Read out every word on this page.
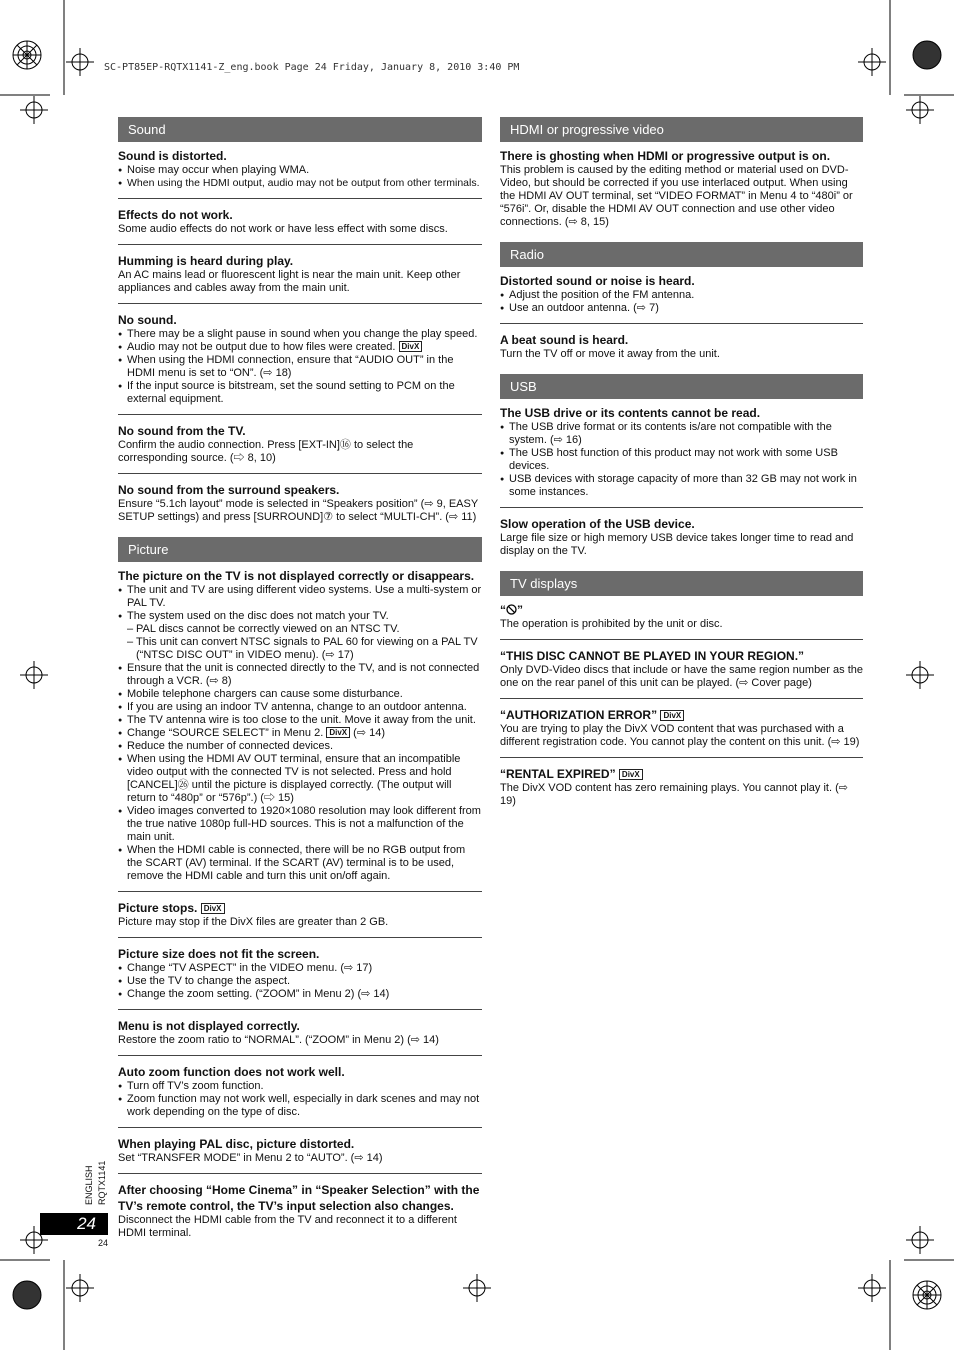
SC-PT85EP-RQTX1141-Z_eng.book Page 24 Friday, January 8, 2010 3:40 PM
Sound
Sound is distorted.
● Noise may occur when playing WMA.
● When using the HDMI output, audio may not be output from other terminals.
Effects do not work.
Some audio effects do not work or have less effect with some discs.
Humming is heard during play.
An AC mains lead or fluorescent light is near the main unit. Keep other appliances and cables away from the main unit.
No sound.
● There may be a slight pause in sound when you change the play speed.
● Audio may not be output due to how files were created. DivX
● When using the HDMI connection, ensure that “AUDIO OUT” in the HDMI menu is set to “ON”. (⇨ 18)
● If the input source is bitstream, set the sound setting to PCM on the external equipment.
No sound from the TV.
Confirm the audio connection. Press [EXT-IN]⑯ to select the corresponding source. (⇨ 8, 10)
No sound from the surround speakers.
Ensure “5.1ch layout” mode is selected in “Speakers position” (⇨ 9, EASY SETUP settings) and press [SURROUND]⑦ to select “MULTI-CH”. (⇨ 11)
Picture
The picture on the TV is not displayed correctly or disappears.
● The unit and TV are using different video systems. Use a multi-system or PAL TV.
● The system used on the disc does not match your TV.
– PAL discs cannot be correctly viewed on an NTSC TV.
– This unit can convert NTSC signals to PAL 60 for viewing on a PAL TV (“NTSC DISC OUT” in VIDEO menu). (⇨ 17)
● Ensure that the unit is connected directly to the TV, and is not connected through a VCR. (⇨ 8)
● Mobile telephone chargers can cause some disturbance.
● If you are using an indoor TV antenna, change to an outdoor antenna.
● The TV antenna wire is too close to the unit. Move it away from the unit.
● Change “SOURCE SELECT” in Menu 2. DivX (⇨ 14)
● Reduce the number of connected devices.
● When using the HDMI AV OUT terminal, ensure that an incompatible video output with the connected TV is not selected. Press and hold [CANCEL]㉖ until the picture is displayed correctly. (The output will return to “480p” or “576p”.) (⇨ 15)
● Video images converted to 1920×1080 resolution may look different from the true native 1080p full-HD sources. This is not a malfunction of the main unit.
● When the HDMI cable is connected, there will be no RGB output from the SCART (AV) terminal. If the SCART (AV) terminal is to be used, remove the HDMI cable and turn this unit on/off again.
Picture stops. DivX
Picture may stop if the DivX files are greater than 2 GB.
Picture size does not fit the screen.
● Change “TV ASPECT” in the VIDEO menu. (⇨ 17)
● Use the TV to change the aspect.
● Change the zoom setting. (“ZOOM” in Menu 2) (⇨ 14)
Menu is not displayed correctly.
Restore the zoom ratio to “NORMAL”. (“ZOOM” in Menu 2) (⇨ 14)
Auto zoom function does not work well.
● Turn off TV’s zoom function.
● Zoom function may not work well, especially in dark scenes and may not work depending on the type of disc.
When playing PAL disc, picture distorted.
Set “TRANSFER MODE” in Menu 2 to “AUTO”. (⇨ 14)
After choosing “Home Cinema” in “Speaker Selection” with the TV’s remote control, the TV’s input selection also changes.
Disconnect the HDMI cable from the TV and reconnect it to a different HDMI terminal.
HDMI or progressive video
There is ghosting when HDMI or progressive output is on.
This problem is caused by the editing method or material used on DVD-Video, but should be corrected if you use interlaced output. When using the HDMI AV OUT terminal, set “VIDEO FORMAT” in Menu 4 to “480i” or “576i”. Or, disable the HDMI AV OUT connection and use other video connections. (⇨ 8, 15)
Radio
Distorted sound or noise is heard.
● Adjust the position of the FM antenna.
● Use an outdoor antenna. (⇨ 7)
A beat sound is heard.
Turn the TV off or move it away from the unit.
USB
The USB drive or its contents cannot be read.
● The USB drive format or its contents is/are not compatible with the system. (⇨ 16)
● The USB host function of this product may not work with some USB devices.
● USB devices with storage capacity of more than 32 GB may not work in some instances.
Slow operation of the USB device.
Large file size or high memory USB device takes longer time to read and display on the TV.
TV displays
“ ”
The operation is prohibited by the unit or disc.
“THIS DISC CANNOT BE PLAYED IN YOUR REGION.”
Only DVD-Video discs that include or have the same region number as the one on the rear panel of this unit can be played. (⇨ Cover page)
“AUTHORIZATION ERROR” DivX
You are trying to play the DivX VOD content that was purchased with a different registration code. You cannot play the content on this unit. (⇨ 19)
“RENTAL EXPIRED” DivX
The DivX VOD content has zero remaining plays. You cannot play it. (⇨ 19)
ENGLISH RQTX1141
24
24
